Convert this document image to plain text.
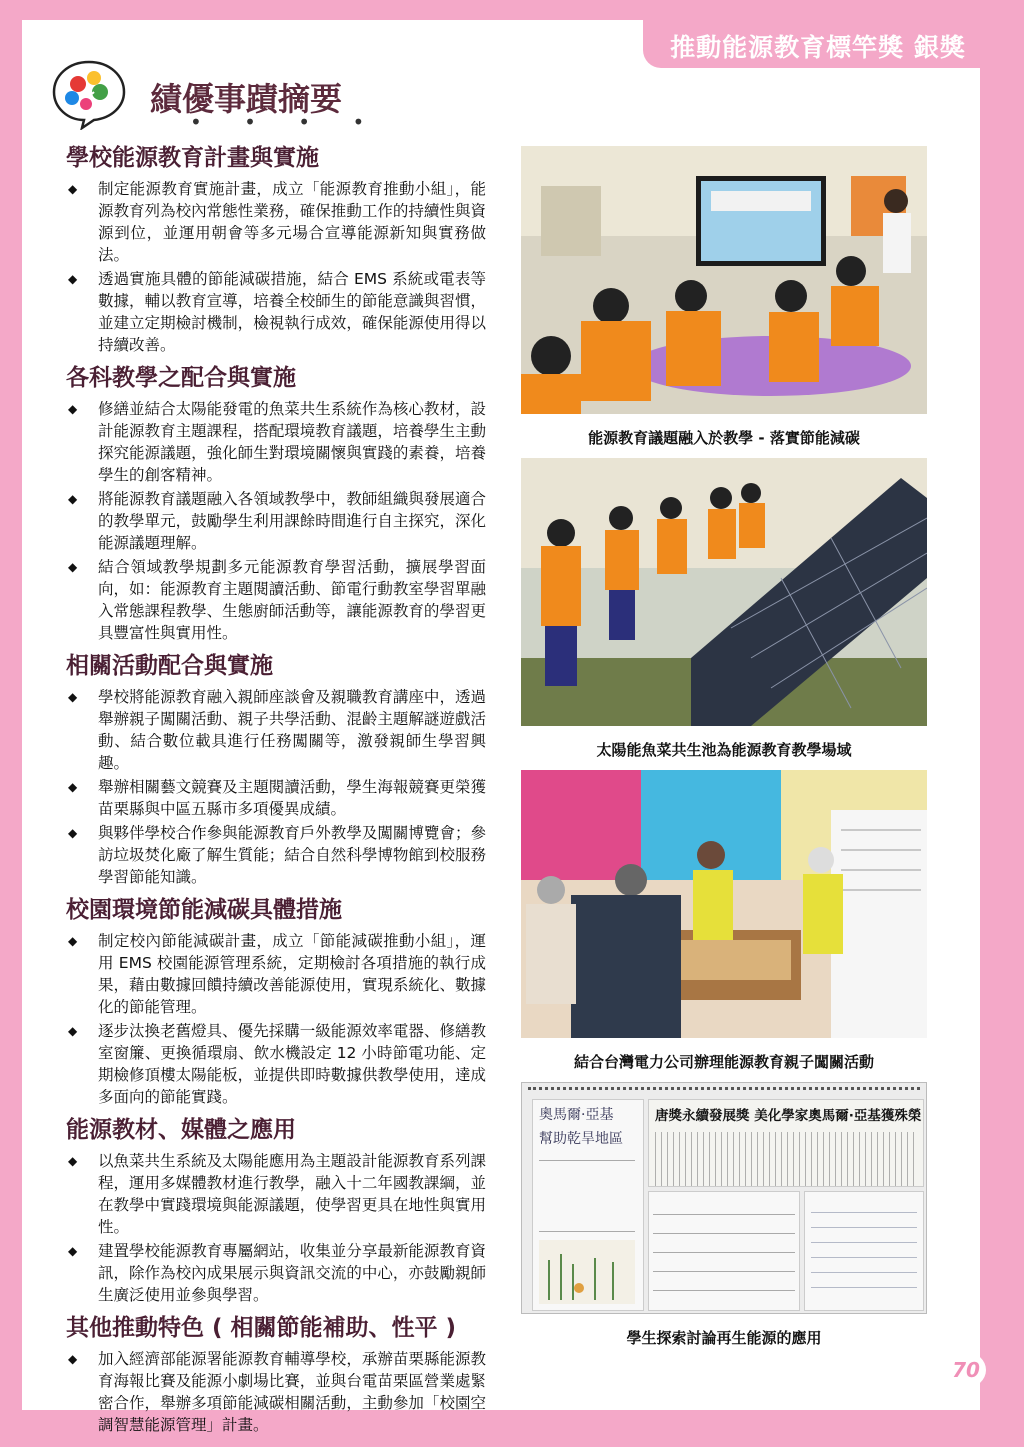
推動能源教育標竿獎 銀獎
績優事蹟摘要
• • • •
學校能源教育計畫與實施
◆ 制定能源教育實施計畫，成立「能源教育推動小組」，能源教育列為校內常態性業務，確保推動工作的持續性與資源到位，並運用朝會等多元場合宣導能源新知與實務做法。
◆ 透過實施具體的節能減碳措施，結合 EMS 系統或電表等數據，輔以教育宣導，培養全校師生的節能意識與習慣，並建立定期檢討機制，檢視執行成效，確保能源使用得以持續改善。
各科教學之配合與實施
◆ 修繕並結合太陽能發電的魚菜共生系統作為核心教材，設計能源教育主題課程，搭配環境教育議題，培養學生主動探究能源議題，強化師生對環境關懷與實踐的素養，培養學生的創客精神。
◆ 將能源教育議題融入各領域教學中，教師組織與發展適合的教學單元，鼓勵學生利用課餘時間進行自主探究，深化能源議題理解。
◆ 結合領域教學規劃多元能源教育學習活動，擴展學習面向，如：能源教育主題閱讀活動、節電行動教室學習單融入常態課程教學、生態廚師活動等，讓能源教育的學習更具豐富性與實用性。
相關活動配合與實施
◆ 學校將能源教育融入親師座談會及親職教育講座中，透過舉辦親子闖關活動、親子共學活動、混齡主題解謎遊戲活動、結合數位載具進行任務闖關等，激發親師生學習興趣。
◆ 舉辦相關藝文競賽及主題閱讀活動，學生海報競賽更榮獲苗栗縣與中區五縣市多項優異成績。
◆ 與夥伴學校合作參與能源教育戶外教學及闖關博覽會；參訪垃圾焚化廠了解生質能；結合自然科學博物館到校服務學習節能知識。
校園環境節能減碳具體措施
◆ 制定校內節能減碳計畫，成立「節能減碳推動小組」，運用 EMS 校園能源管理系統，定期檢討各項措施的執行成果，藉由數據回饋持續改善能源使用，實現系統化、數據化的節能管理。
◆ 逐步汰換老舊燈具、優先採購一級能源效率電器、修繕教室窗簾、更換循環扇、飲水機設定 12 小時節電功能、定期檢修頂樓太陽能板，並提供即時數據供教學使用，達成多面向的節能實踐。
能源教材、媒體之應用
◆ 以魚菜共生系統及太陽能應用為主題設計能源教育系列課程，運用多媒體教材進行教學，融入十二年國教課綱，並在教學中實踐環境與能源議題，使學習更具在地性與實用性。
◆ 建置學校能源教育專屬網站，收集並分享最新能源教育資訊，除作為校內成果展示與資訊交流的中心，亦鼓勵親師生廣泛使用並參與學習。
其他推動特色 ( 相關節能補助、性平 )
◆ 加入經濟部能源署能源教育輔導學校，承辦苗栗縣能源教育海報比賽及能源小劇場比賽，並與台電苗栗區營業處緊密合作，舉辦多項節能減碳相關活動，主動參加「校園空調智慧能源管理」計畫。
能源教育議題融入於教學 - 落實節能減碳
太陽能魚菜共生池為能源教育教學場域
結合台灣電力公司辦理能源教育親子闖關活動
奧馬爾·亞基
幫助乾旱地區
唐獎永續發展獎 美化學家奧馬爾·亞基獲殊榮
學生探索討論再生能源的應用
70
